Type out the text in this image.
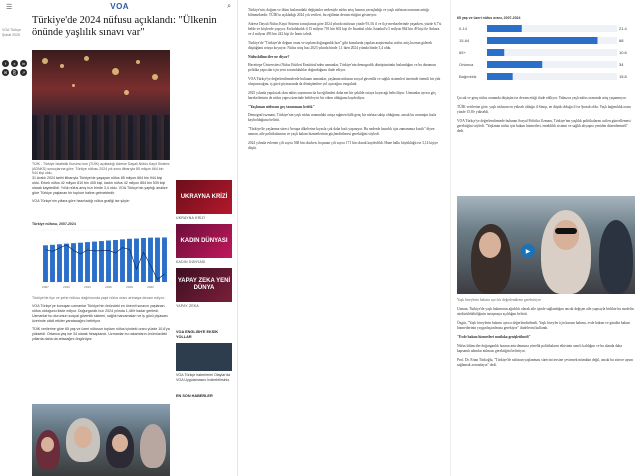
☰	VOA	⌕
Türkiye'de 2024 nüfusu açıklandı: "Ülkenin önünde yaşlılık sınavı var"
VOA Türkçe
Şubat 2025
f	x	in
✉	⎘	↗
TÜİK - Türkiye İstatistik Kurumu'nun (TÜİK) açıkladığı Adrese Dayalı Nüfus Kayıt Sistemi (ADNKS) sonuçlarına göre, Türkiye nüfusu 2024 yılı sonu itibarıyla 85 milyon 664 bin 944 kişi oldu.

31 Aralık 2024 tarihi itibarıyla Türkiye'de yaşayan nüfus 85 milyon 664 bin 944 kişi oldu. Erkek nüfus 42 milyon 810 bin 405 kişi, kadın nüfus 42 milyon 854 bin 539 kişi olarak kaydedildi. Yıllık nüfus artış hızı binde 3,4 oldu. VOA Türkçe'nin yaptığı analize göre Türkiye yaşlanan bir toplum haline gelmektedir.

VOA Türkçe'nin yıllara göre hazırladığı nüfus grafiği ise şöyle:

Türkiye nüfusu, 2007-2024
2007	2010	2013	2016	2019	2022

Türkiye'de ilçe ve şehir nüfusu dağılımında yaşlı nüfus oranı artmaya devam ediyor.

VOA Türkçe'ye konuşan uzmanlar Türkiye'nin önündeki en önemli sınavın yaşlanan nüfus olduğunu ifade ediyor. Doğurganlık hızı 2024 yılında 1,48'e kadar geriledi. Uzmanlar bu durumun sosyal güvenlik sistemi, sağlık harcamaları ve iş gücü piyasası üzerinde ciddi etkiler yaratacağını belirtiyor.

TÜİK verilerine göre 65 yaş ve üzeri nüfusun toplam nüfus içindeki oranı yüzde 10,6'ya yükseldi. Ortanca yaş ise 34 olarak hesaplandı. Uzmanlar bu rakamların önümüzdeki yıllarda daha da artacağını öngörüyor.

UKRAYNA KRİZİ
UKRAYNA KRİZİ
KADIN DÜNYASI
KADIN DÜNYASI
YAPAY ZEKA YENİ DÜNYA
YAPAY ZEKA
VOA ENGLISH'E EKSİK YOLLAR
VOA Türkçe haberlerini Olaylar'da VOA Uygulamasını İndirebilirsiniz.
EN SON HABERLER

Türkiye'nin, doğum ve ölüm hızlarındaki değişimler nedeniyle nüfus artış hızının yavaşladığı ve yaşlı nüfusun oranının arttığı bilinmektedir. TÜİK'in açıkladığı 2024 yılı verileri, bu eğilimin devam ettiğini gösteriyor.

Adrese Dayalı Nüfus Kayıt Sistemi sonuçlarına göre 2024 yılında nüfusun yüzde 93,3'ü il ve ilçe merkezlerinde yaşarken, yüzde 6,7'si belde ve köylerde yaşıyor. En kalabalık il 15 milyon 701 bin 602 kişi ile İstanbul oldu. İstanbul'u 5 milyon 864 bin 49 kişi ile Ankara ve 4 milyon 493 bin 242 kişi ile İzmir izledi.

Türkiye'de "Türkiye'de doğum oranı ve toplam doğurganlık hızı" gibi konularda yapılan araştırmalar, nüfus artış hızının giderek düştüğünü ortaya koyuyor. Nüfus artış hızı 2023 yılında binde 1,1 iken 2024 yılında binde 3,4 oldu.

Nüfusbilimciler ne diyor?

Hacettepe Üniversitesi Nüfus Etütleri Enstitüsü'nden uzmanlar, Türkiye'nin demografik dönüşümünün hızlandığını ve bu durumun politika yapıcılar için yeni sorumluluklar doğurduğunu ifade ediyor.

VOA Türkçe'ye değerlendirmelerde bulunan uzmanlar, yaşlanan nüfusun sosyal güvenlik ve sağlık sistemleri üzerinde önemli bir yük oluşturacağını, iş gücü piyasasında da dönüşümlere yol açacağını vurguladı.

2025 yılında yapılacak olan nüfus sayımının da bu eğilimleri daha net bir şekilde ortaya koyacağı belirtiliyor. Uzmanlar ayrıca göç hareketlerinin de nüfus yapısı üzerinde belirleyici bir etken olduğunu kaydediyor.

"Yaşlanan nüfusun geç tanınması kritik"

Demografi uzmanı, Türkiye'nin yaşlı nüfus oranındaki artışa rağmen hâlâ genç bir nüfusa sahip olduğunu, ancak bu avantajın hızla kaybolduğunu belirtti.

"Türkiye'de yaşlanma süreci Avrupa ülkelerine kıyasla çok daha hızlı yaşanıyor. Bu nedenle hazırlık için zamanımız kısıtlı" diyen uzman, aile politikalarının ve yaşlı bakım hizmetlerinin güçlendirilmesi gerektiğini söyledi.

2024 yılında evlenen çift sayısı 568 bin olurken, boşanan çift sayısı 171 bin olarak kaydedildi. Hane halkı büyüklüğü ise 3,14 kişiye düştü.

65 yaş ve üzeri nüfus oranı, 2007-2024
0-14	21.4
15-64	68
65+	10.6
Ortanca	34
Bağımlılık	15.8

Çocuk ve genç nüfus oranında düşüşün ise devam ettiği ifade ediliyor. Yalnızca yaşlı nüfus oranında artış yaşanmıyor.

TÜİK verilerine göre, yaşlı nüfusun en yüksek olduğu il Sinop, en düşük olduğu il ise Şırnak oldu. Yaşlı bağımlılık oranı yüzde 15,8'e yükseldi.

VOA Türkçe'ye değerlendirmede bulunan Sosyal Politika Uzmanı, Türkiye'nin yaşlılık politikalarını acilen güncellemesi gerektiğini söyledi. "Yaşlanan nüfus için bakım hizmetleri, emeklilik sistemi ve sağlık altyapısı yeniden düzenlenmeli" dedi.

▶

Yaşlı bireylerin bakımı ayrı bir değerlendirme gerektiriyor

Uzman, Türkiye'de yaşlı bakımının ağırlıklı olarak aile içinde sağlandığını ancak değişen aile yapısıyla birlikte bu modelin sürdürülebilirliğinin tartışmaya açıldığını belirtti.

Özgür, "Yaşlı bireylerin bakımı ayrıca değerlendirilmeli. Yaşlı bireyler için kurum bakımı, evde bakım ve gündüz bakım hizmetlerinin yaygınlaştırılması gerekiyor" ifadelerini kullandı.

"Evde bakım hizmetleri mutlaka genişletilmeli"

Nüfus bilimciler doğurganlık hızının artırılmasına yönelik politikaların etkisinin sınırlı kaldığını ve bu alanda daha kapsamlı adımlar atılması gerektiğini belirtiyor.

Prof. Dr. Ertan Türkoğlu, "Türkiye'de nüfusun yaşlanması sürecini tersine çevirmek mümkün değil, ancak bu sürece uyum sağlamak zorundayız" dedi.
